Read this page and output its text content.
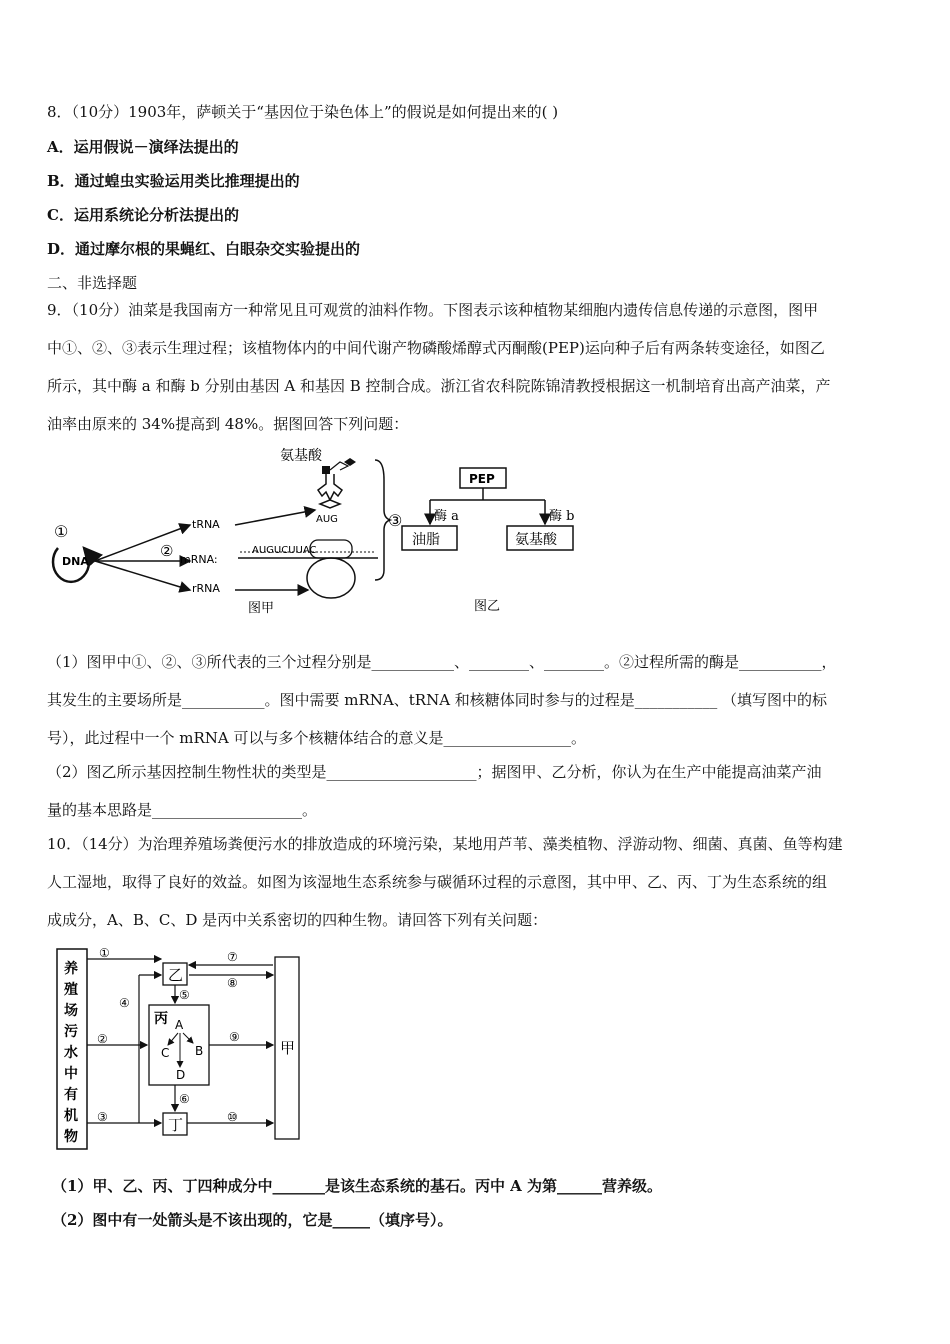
8．（10分）1903年，萨顿关于“基因位于染色体上”的假说是如何提出来的( )
A．运用假说－演绎法提出的
B．通过蝗虫实验运用类比推理提出的
C．运用系统论分析法提出的
D．通过摩尔根的果蝇红、白眼杂交实验提出的
二、非选择题
9．（10分）油菜是我国南方一种常见且可观赏的油料作物。下图表示该种植物某细胞内遗传信息传递的示意图，图甲
中①、②、③表示生理过程；该植物体内的中间代谢产物磷酸烯醇式丙酮酸(PEP)运向种子后有两条转变途径，如图乙
所示，其中酶 a 和酶 b 分别由基因 A 和基因 B 控制合成。浙江省农科院陈锦清教授根据这一机制培育出高产油菜，产
油率由原来的 34%提高到 48%。据图回答下列问题：
①
DNA
②
tRNA
mRNA:
rRNA
氨基酸
AUG
AUGUCUUAC
③
图甲
PEP
酶 a	酶 b
油脂	氨基酸
图乙
（1）图甲中①、②、③所代表的三个过程分别是___________、________、________。②过程所需的酶是___________，
其发生的主要场所是___________。图中需要 mRNA、tRNA 和核糖体同时参与的过程是___________ （填写图中的标
号），此过程中一个 mRNA 可以与多个核糖体结合的意义是_________________。
（2）图乙所示基因控制生物性状的类型是____________________；据图甲、乙分析，你认为在生产中能提高油菜产油
量的基本思路是____________________。
10．（14分）为治理养殖场粪便污水的排放造成的环境污染，某地用芦苇、藻类植物、浮游动物、细菌、真菌、鱼等构建
人工湿地，取得了良好的效益。如图为该湿地生态系统参与碳循环过程的示意图，其中甲、乙、丙、丁为生态系统的组
成成分，A、B、C、D 是丙中关系密切的四种生物。请回答下列有关问题：
养
殖
场
污
水
中
有
机
物
乙
丙 A
C B
D
丁
甲
①
②
③
④
⑤
⑥
⑦
⑧
⑨
⑩
（1）甲、乙、丙、丁四种成分中_______是该生态系统的基石。丙中 A 为第______营养级。
（2）图中有一处箭头是不该出现的，它是_____（填序号）。
